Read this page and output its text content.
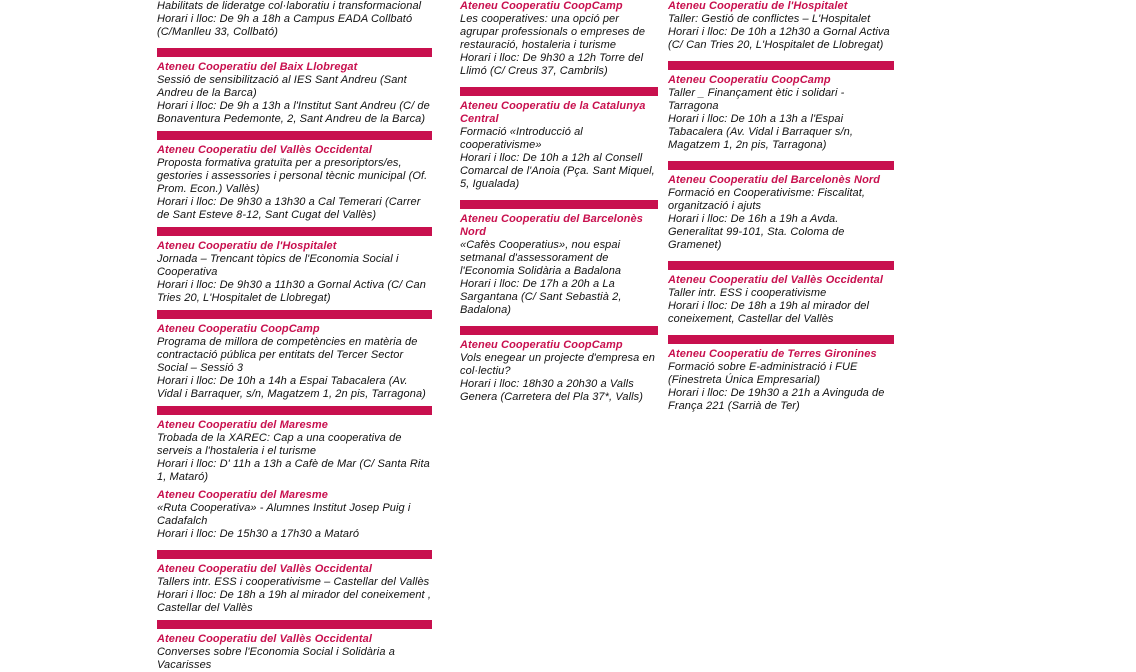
Habilitats de lideratge col·laboratiu i transformacional
Horari i lloc: De 9h a 18h a Campus EADA Collbató (C/Manlleu 33, Collbató)
Ateneu Cooperatiu del Baix Llobregat
Sessió de sensibilització al IES Sant Andreu (Sant Andreu de la Barca)
Horari i lloc: De 9h a 13h a l'Institut Sant Andreu (C/ de Bonaventura Pedemonte, 2, Sant Andreu de la Barca)
Ateneu Cooperatiu del Vallès Occidental
Proposta formativa gratuïta per a presoriptors/es, gestories i assessories i personal tècnic municipal (Of. Prom. Econ.) Vallès)
Horari i lloc: De 9h30 a 13h30 a Cal Temerari (Carrer de Sant Esteve 8-12, Sant Cugat del Vallès)
Ateneu Cooperatiu de l'Hospitalet
Jornada – Trencant tòpics de l'Economia Social i Cooperativa
Horari i lloc: De 9h30 a 11h30 a Gornal Activa (C/ Can Tries 20, L'Hospitalet de Llobregat)
Ateneu Cooperatiu CoopCamp
Programa de millora de competències en matèria de contractació pública per entitats del Tercer Sector Social – Sessió 3
Horari i lloc: De 10h a 14h a Espai Tabacalera (Av. Vidal i Barraquer, s/n, Magatzem 1, 2n pis, Tarragona)
Ateneu Cooperatiu del Maresme
Trobada de la XAREC: Cap a una cooperativa de serveis a l'hostaleria i el turisme
Horari i lloc: D' 11h a 13h a Cafè de Mar (C/ Santa Rita 1, Mataró)
Ateneu Cooperatiu del Maresme
«Ruta Cooperativa» - Alumnes Institut Josep Puig i Cadafalch
Horari i lloc: De 15h30 a 17h30 a Mataró
Ateneu Cooperatiu del Vallès Occidental
Tallers intr. ESS i cooperativisme – Castellar del Vallès
Horari i lloc: De 18h a 19h al mirador del coneixement , Castellar del Vallès
Ateneu Cooperatiu del Vallès Occidental
Converses sobre l'Economia Social i Solidària a Vacarisses
Ateneu Cooperatiu CoopCamp
Les cooperatives: una opció per agrupar professionals o empreses de restauració, hostaleria i turisme
Horari i lloc: De 9h30 a 12h Torre del Llimó (C/ Creus 37, Cambrils)
Ateneu Cooperatiu de la Catalunya Central
Formació «Introducció al cooperativisme»
Horari i lloc: De 10h a 12h al Consell Comarcal de l'Anoia (Pça. Sant Miquel, 5, Igualada)
Ateneu Cooperatiu del Barcelonès Nord
«Cafès Cooperatius», nou espai setmanal d'assessorament de l'Economia Solidària a Badalona
Horari i lloc: De 17h a 20h a La Sargantana (C/ Sant Sebastià 2, Badalona)
Ateneu Cooperatiu CoopCamp
Vols enegear un projecte d'empresa en col·lectiu?
Horari i lloc: 18h30 a 20h30 a Valls Genera (Carretera del Pla 37*, Valls)
Ateneu Cooperatiu de l'Hospitalet
Taller: Gestió de conflictes – L'Hospitalet
Horari i lloc: De 10h a 12h30 a Gornal Activa (C/ Can Tries 20, L'Hospitalet de Llobregat)
Ateneu Cooperatiu CoopCamp
Taller _ Finançament ètic i solidari - Tarragona
Horari i lloc: De 10h a 13h a l'Espai Tabacalera (Av. Vidal i Barraquer s/n, Magatzem 1, 2n pis, Tarragona)
Ateneu Cooperatiu del Barcelonès Nord
Formació en Cooperativisme: Fiscalitat, organització i ajuts
Horari i lloc: De 16h a 19h a Avda. Generalitat 99-101, Sta. Coloma de Gramenet)
Ateneu Cooperatiu del Vallès Occidental
Taller intr. ESS i cooperativisme
Horari i lloc: De 18h a 19h al mirador del coneixement, Castellar del Vallès
Ateneu Cooperatiu de Terres Gironines
Formació sobre E-administració i FUE (Finestreta Única Empresarial)
Horari i lloc: De 19h30 a 21h a Avinguda de França 221 (Sarrià de Ter)
